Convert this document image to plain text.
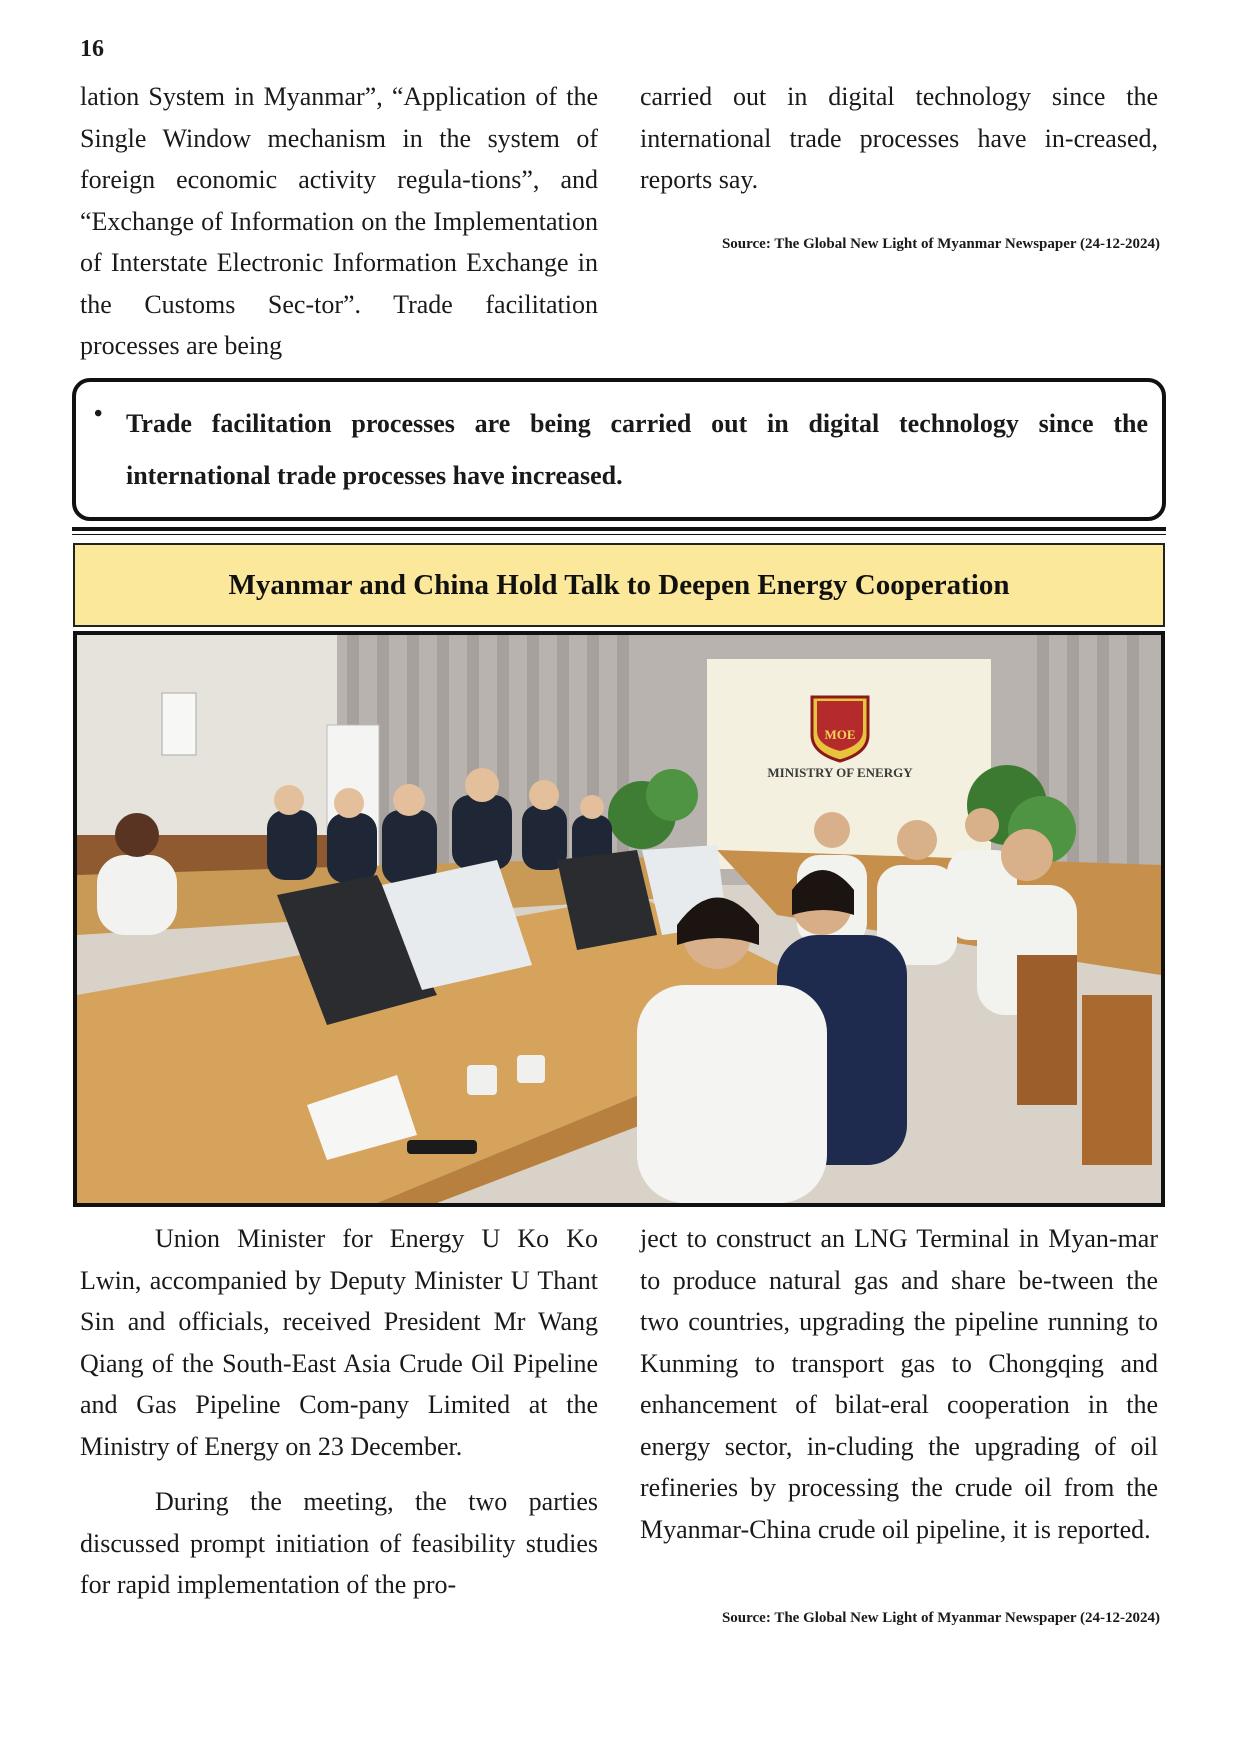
16

lation System in Myanmar”, “Application of the Single Window mechanism in the system of foreign economic activity regula-tions”, and “Exchange of Information on the Implementation of Interstate Electronic Information Exchange in the Customs Sec-tor”. Trade facilitation processes are being

carried out in digital technology since the international trade processes have in-creased, reports say.

Source: The Global New Light of Myanmar Newspaper (24-12-2024)
• Trade facilitation processes are being carried out in digital technology since the international trade processes have increased.

Myanmar and China Hold Talk to Deepen Energy Cooperation
MOE
MINISTRY OF ENERGY

Union Minister for Energy U Ko Ko Lwin, accompanied by Deputy Minister U Thant Sin and officials, received President Mr Wang Qiang of the South-East Asia Crude Oil Pipeline and Gas Pipeline Com-pany Limited at the Ministry of Energy on 23 December.

During the meeting, the two parties discussed prompt initiation of feasibility studies for rapid implementation of the pro-

ject to construct an LNG Terminal in Myan-mar to produce natural gas and share be-tween the two countries, upgrading the pipeline running to Kunming to transport gas to Chongqing and enhancement of bilat-eral cooperation in the energy sector, in-cluding the upgrading of oil refineries by processing the crude oil from the Myanmar-China crude oil pipeline, it is reported.

Source: The Global New Light of Myanmar Newspaper (24-12-2024)
